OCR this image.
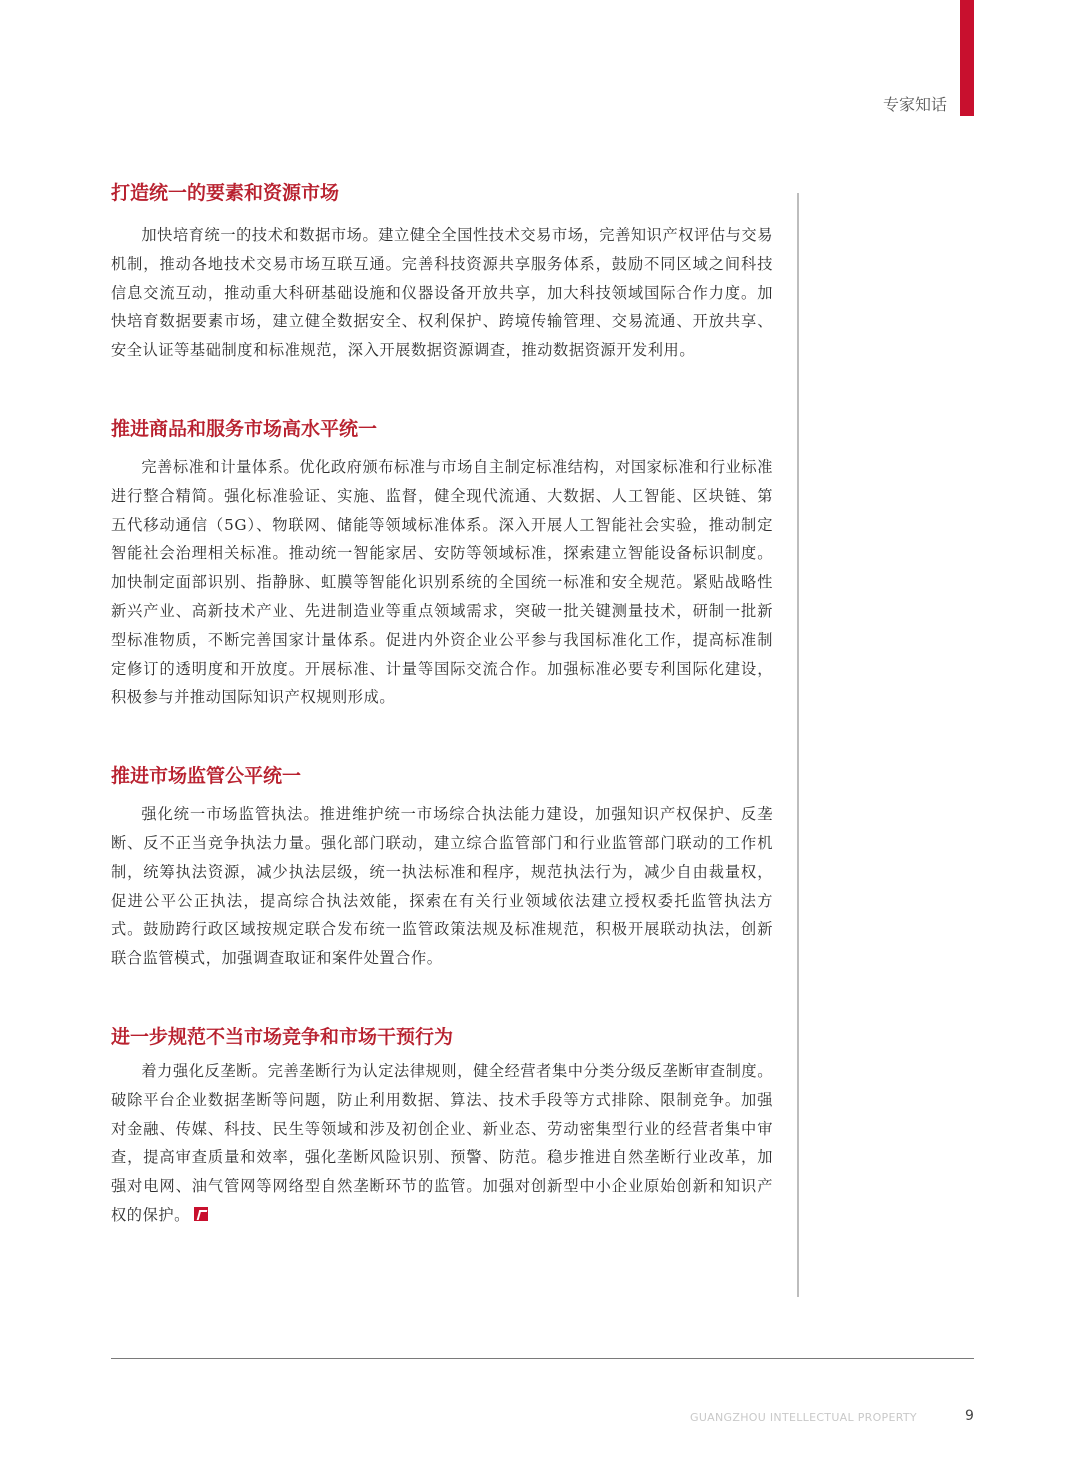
专家知话
打造统一的要素和资源市场

加快培育统一的技术和数据市场。建立健全全国性技术交易市场，完善知识产权评估与交易机制，推动各地技术交易市场互联互通。完善科技资源共享服务体系，鼓励不同区域之间科技信息交流互动，推动重大科研基础设施和仪器设备开放共享，加大科技领域国际合作力度。加快培育数据要素市场，建立健全数据安全、权利保护、跨境传输管理、交易流通、开放共享、安全认证等基础制度和标准规范，深入开展数据资源调查，推动数据资源开发利用。

推进商品和服务市场高水平统一

完善标准和计量体系。优化政府颁布标准与市场自主制定标准结构，对国家标准和行业标准进行整合精简。强化标准验证、实施、监督，健全现代流通、大数据、人工智能、区块链、第五代移动通信（5G）、物联网、储能等领域标准体系。深入开展人工智能社会实验，推动制定智能社会治理相关标准。推动统一智能家居、安防等领域标准，探索建立智能设备标识制度。加快制定面部识别、指静脉、虹膜等智能化识别系统的全国统一标准和安全规范。紧贴战略性新兴产业、高新技术产业、先进制造业等重点领域需求，突破一批关键测量技术，研制一批新型标准物质，不断完善国家计量体系。促进内外资企业公平参与我国标准化工作，提高标准制定修订的透明度和开放度。开展标准、计量等国际交流合作。加强标准必要专利国际化建设，积极参与并推动国际知识产权规则形成。

推进市场监管公平统一

强化统一市场监管执法。推进维护统一市场综合执法能力建设，加强知识产权保护、反垄断、反不正当竞争执法力量。强化部门联动，建立综合监管部门和行业监管部门联动的工作机制，统筹执法资源，减少执法层级，统一执法标准和程序，规范执法行为，减少自由裁量权，促进公平公正执法，提高综合执法效能，探索在有关行业领域依法建立授权委托监管执法方式。鼓励跨行政区域按规定联合发布统一监管政策法规及标准规范，积极开展联动执法，创新联合监管模式，加强调查取证和案件处置合作。

进一步规范不当市场竞争和市场干预行为

着力强化反垄断。完善垄断行为认定法律规则，健全经营者集中分类分级反垄断审查制度。破除平台企业数据垄断等问题，防止利用数据、算法、技术手段等方式排除、限制竞争。加强对金融、传媒、科技、民生等领域和涉及初创企业、新业态、劳动密集型行业的经营者集中审查，提高审查质量和效率，强化垄断风险识别、预警、防范。稳步推进自然垄断行业改革，加强对电网、油气管网等网络型自然垄断环节的监管。加强对创新型中小企业原始创新和知识产权的保护。

GUANGZHOU INTELLECTUAL PROPERTY	9
